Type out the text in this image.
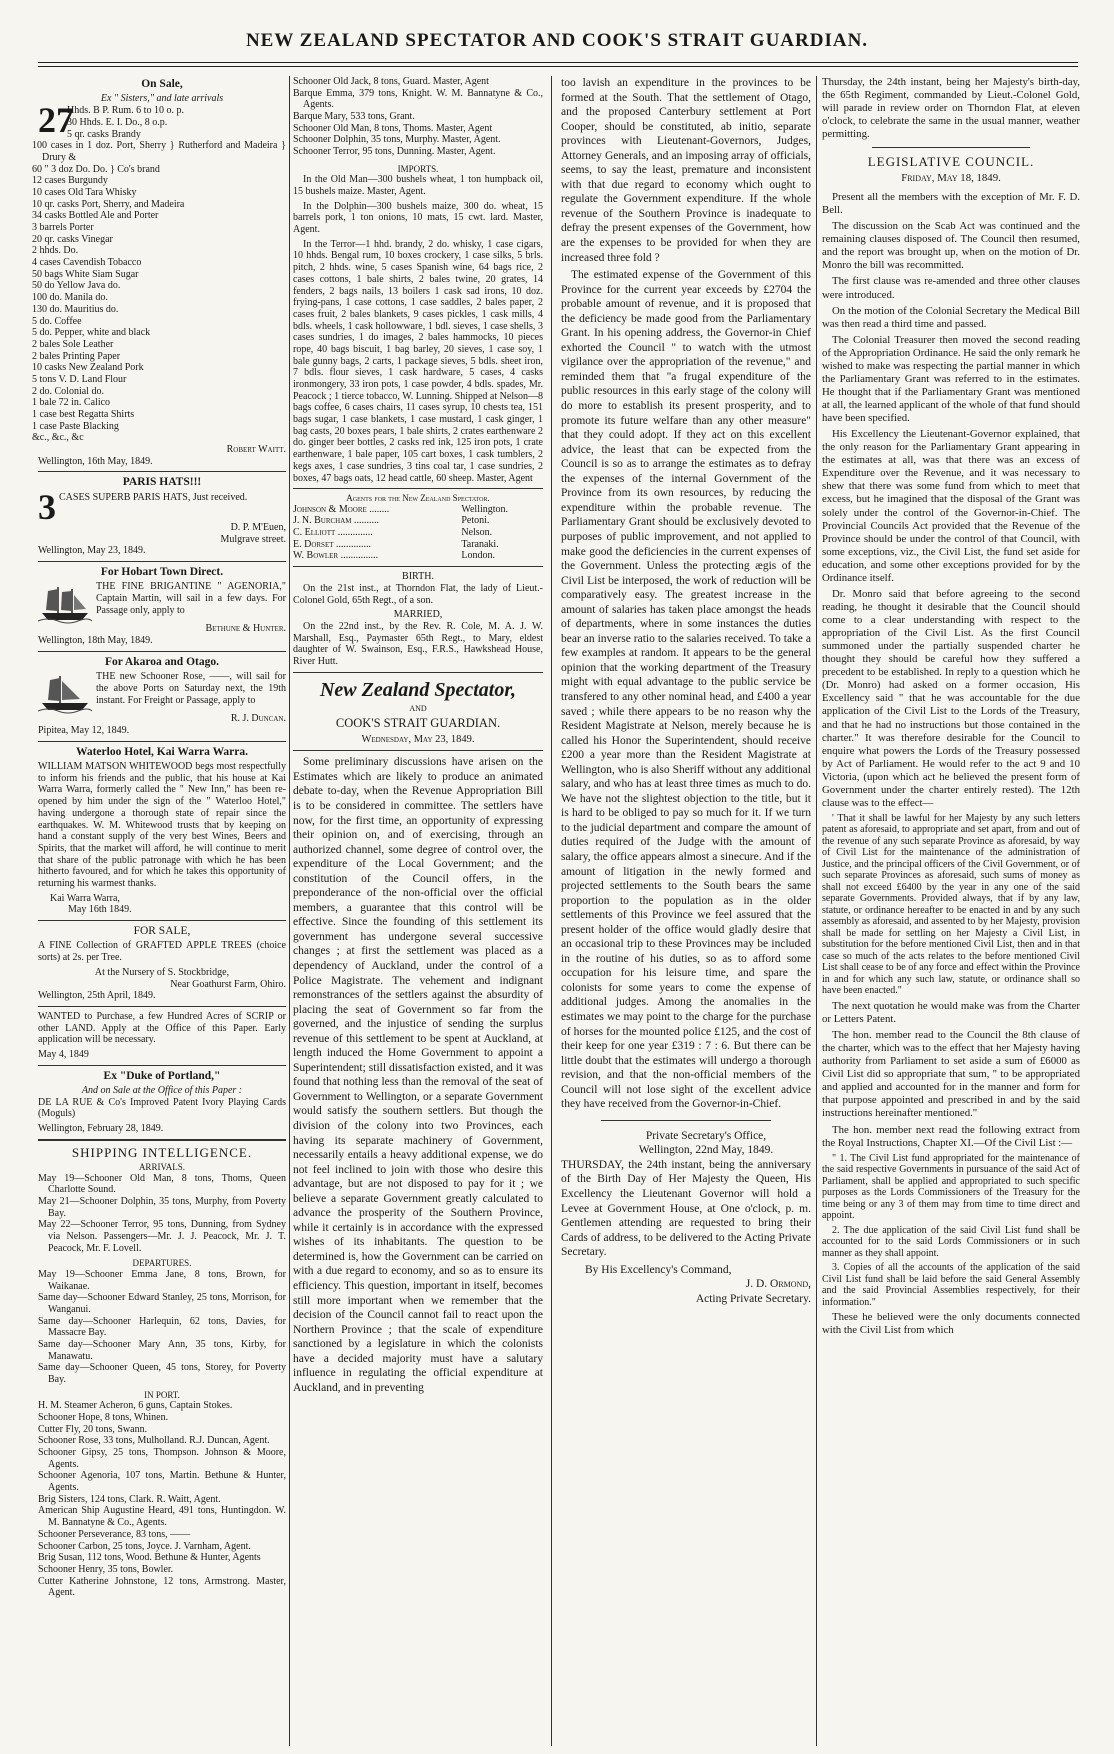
NEW ZEALAND SPECTATOR AND COOK'S STRAIT GUARDIAN.
On Sale,
Ex " Sisters," and late arrivals
27
Hhds. B P. Rum. 6 to 10 o. p.
30 Hhds. E. I. Do., 8 o.p.
5 qr. casks Brandy
100 cases in 1 doz. Port, Sherry } Rutherford and Madeira } Drury &
60 " 3 doz Do. Do. } Co's brand
12 cases Burgundy
10 cases Old Tara Whisky
10 qr. casks Port, Sherry, and Madeira
34 casks Bottled Ale and Porter
3 barrels Porter
20 qr. casks Vinegar
2 hhds. Do.
4 cases Cavendish Tobacco
50 bags White Siam Sugar
50 do Yellow Java do.
100 do. Manila do.
130 do. Mauritius do.
5 do. Coffee
5 do. Pepper, white and black
2 bales Sole Leather
2 bales Printing Paper
10 casks New Zealand Pork
5 tons V. D. Land Flour
2 do. Colonial do.
1 bale 72 in. Calico
1 case best Regatta Shirts
1 case Paste Blacking
&c., &c., &c
Robert Waitt.
Wellington, 16th May, 1849.
PARIS HATS!!!
3 CASES SUPERB PARIS HATS, Just received.
D. P. M'Euen,
Mulgrave street.
Wellington, May 23, 1849.
For Hobart Town Direct.
THE FINE BRIGANTINE " AGENORIA," Captain Martin, will sail in a few days. For Passage only, apply to
Bethune & Hunter.
Wellington, 18th May, 1849.
For Akaroa and Otago.
THE new Schooner Rose, ——, will sail for the above Ports on Saturday next, the 19th instant. For Freight or Passage, apply to
R. J. Duncan.
Pipitea, May 12, 1849.
Waterloo Hotel, Kai Warra Warra.

WILLIAM MATSON WHITEWOOD begs most respectfully to inform his friends and the public, that his house at Kai Warra Warra, formerly called the " New Inn," has been re-opened by him under the sign of the " Waterloo Hotel," having undergone a thorough state of repair since the earthquakes. W. M. Whitewood trusts that by keeping on hand a constant supply of the very best Wines, Beers and Spirits, that the market will afford, he will continue to merit that share of the public patronage with which he has been hitherto favoured, and for which he takes this opportunity of returning his warmest thanks.

Kai Warra Warra,
May 16th 1849.
FOR SALE,

A FINE Collection of GRAFTED APPLE TREES (choice sorts) at 2s. per Tree.

At the Nursery of S. Stockbridge,
Near Goathurst Farm, Ohiro.
Wellington, 25th April, 1849.

WANTED to Purchase, a few Hundred Acres of SCRIP or other LAND. Apply at the Office of this Paper. Early application will be necessary.

May 4, 1849
Ex "Duke of Portland,"
And on Sale at the Office of this Paper :

DE LA RUE & Co's Improved Patent Ivory Playing Cards (Moguls)

Wellington, February 28, 1849.
SHIPPING INTELLIGENCE.
ARRIVALS.
May 19—Schooner Old Man, 8 tons, Thoms, Queen Charlotte Sound.
May 21—Schooner Dolphin, 35 tons, Murphy, from Poverty Bay.
May 22—Schooner Terror, 95 tons, Dunning, from Sydney via Nelson. Passengers—Mr. J. J. Peacock, Mr. J. T. Peacock, Mr. F. Lovell.
DEPARTURES.
May 19—Schooner Emma Jane, 8 tons, Brown, for Waikanae.
Same day—Schooner Edward Stanley, 25 tons, Morrison, for Wanganui.
Same day—Schooner Harlequin, 62 tons, Davies, for Massacre Bay.
Same day—Schooner Mary Ann, 35 tons, Kirby, for Manawatu.
Same day—Schooner Queen, 45 tons, Storey, for Poverty Bay.
IN PORT.
H. M. Steamer Acheron, 6 guns, Captain Stokes.
Schooner Hope, 8 tons, Whinen.
Cutter Fly, 20 tons, Swann.
Schooner Rose, 33 tons, Mulholland. R.J. Duncan, Agent.
Schooner Gipsy, 25 tons, Thompson. Johnson & Moore, Agents.
Schooner Agenoria, 107 tons, Martin. Bethune & Hunter, Agents.
Brig Sisters, 124 tons, Clark. R. Waitt, Agent.
American Ship Augustine Heard, 491 tons, Huntingdon. W. M. Bannatyne & Co., Agents.
Schooner Perseverance, 83 tons, ——
Schooner Carbon, 25 tons, Joyce. J. Varnham, Agent.
Brig Susan, 112 tons, Wood. Bethune & Hunter, Agents
Schooner Henry, 35 tons, Bowler.
Cutter Katherine Johnstone, 12 tons, Armstrong. Master, Agent.
Schooner Old Jack, 8 tons, Guard. Master, Agent
Barque Emma, 379 tons, Knight. W. M. Bannatyne & Co., Agents.
Barque Mary, 533 tons, Grant.
Schooner Old Man, 8 tons, Thoms. Master, Agent
Schooner Dolphin, 35 tons, Murphy. Master, Agent.
Schooner Terror, 95 tons, Dunning. Master, Agent.
IMPORTS.

In the Old Man—300 bushels wheat, 1 ton humpback oil, 15 bushels maize. Master, Agent.

In the Dolphin—300 bushels maize, 300 do. wheat, 15 barrels pork, 1 ton onions, 10 mats, 15 cwt. lard. Master, Agent.

In the Terror—1 hhd. brandy, 2 do. whisky, 1 case cigars, 10 hhds. Bengal rum, 10 boxes crockery, 1 case silks, 5 brls. pitch, 2 hhds. wine, 5 cases Spanish wine, 64 bags rice, 2 cases cottons, 1 bale shirts, 2 bales twine, 20 grates, 14 fenders, 2 bags nails, 13 boilers 1 cask sad irons, 10 doz. frying-pans, 1 case cottons, 1 case saddles, 2 bales paper, 2 cases fruit, 2 bales blankets, 9 cases pickles, 1 cask mills, 4 bdls. wheels, 1 cask hollowware, 1 bdl. sieves, 1 case shells, 3 cases sundries, 1 do images, 2 bales hammocks, 10 pieces rope, 40 bags biscuit, 1 bag barley, 20 sieves, 1 case soy, 1 bale gunny bags, 2 carts, 1 package sieves, 5 bdls. sheet iron, 7 bdls. flour sieves, 1 cask hardware, 5 cases, 4 casks ironmongery, 33 iron pots, 1 case powder, 4 bdls. spades, Mr. Peacock ; 1 tierce tobacco, W. Lunning. Shipped at Nelson—8 bags coffee, 6 cases chairs, 11 cases syrup, 10 chests tea, 151 bags sugar, 1 case blankets, 1 case mustard, 1 cask ginger, 1 bag casts, 20 boxes pears, 1 bale shirts, 2 crates earthenware 2 do. ginger beer bottles, 2 casks red ink, 125 iron pots, 1 crate earthenware, 1 bale paper, 105 cart boxes, 1 cask tumblers, 2 kegs axes, 1 case sundries, 3 tins coal tar, 1 case sundries, 2 boxes, 47 bags oats, 12 head cattle, 60 sheep. Master, Agent

Agents for the New Zealand Spectator.
Johnson & Moore ........	Wellington.
J. N. Burcham ..........	Petoni.
C. Elliott ..............	Nelson.
E. Dorset ..............	Taranaki.
W. Bowler ...............	London.
BIRTH.

On the 21st inst., at Thorndon Flat, the lady of Lieut.-Colonel Gold, 65th Regt., of a son.

MARRIED,

On the 22nd inst., by the Rev. R. Cole, M. A. J. W. Marshall, Esq., Paymaster 65th Regt., to Mary, eldest daughter of W. Swainson, Esq., F.R.S., Hawkshead House, River Hutt.

New Zealand Spectator,
AND
COOK'S STRAIT GUARDIAN.
Wednesday, May 23, 1849.

Some preliminary discussions have arisen on the Estimates which are likely to produce an animated debate to-day, when the Revenue Appropriation Bill is to be considered in committee. The settlers have now, for the first time, an opportunity of expressing their opinion on, and of exercising, through an authorized channel, some degree of control over, the expenditure of the Local Government; and the constitution of the Council offers, in the preponderance of the non-official over the official members, a guarantee that this control will be effective. Since the founding of this settlement its government has undergone several successive changes ; at first the settlement was placed as a dependency of Auckland, under the control of a Police Magistrate. The vehement and indignant remonstrances of the settlers against the absurdity of placing the seat of Government so far from the governed, and the injustice of sending the surplus revenue of this settlement to be spent at Auckland, at length induced the Home Government to appoint a Superintendent; still dissatisfaction existed, and it was found that nothing less than the removal of the seat of Government to Wellington, or a separate Government would satisfy the southern settlers. But though the division of the colony into two Provinces, each having its separate machinery of Government, necessarily entails a heavy additional expense, we do not feel inclined to join with those who desire this advantage, but are not disposed to pay for it ; we believe a separate Government greatly calculated to advance the prosperity of the Southern Province, while it certainly is in accordance with the expressed wishes of its inhabitants. The question to be determined is, how the Government can be carried on with a due regard to economy, and so as to ensure its efficiency. This question, important in itself, becomes still more important when we remember that the decision of the Council cannot fail to react upon the Northern Province ; that the scale of expenditure sanctioned by a legislature in which the colonists have a decided majority must have a salutary influence in regulating the official expenditure at Auckland, and in preventing

too lavish an expenditure in the provinces to be formed at the South. That the settlement of Otago, and the proposed Canterbury settlement at Port Cooper, should be constituted, ab initio, separate provinces with Lieutenant-Governors, Judges, Attorney Generals, and an imposing array of officials, seems, to say the least, premature and inconsistent with that due regard to economy which ought to regulate the Government expenditure. If the whole revenue of the Southern Province is inadequate to defray the present expenses of the Government, how are the expenses to be provided for when they are increased three fold ?

The estimated expense of the Government of this Province for the current year exceeds by £2704 the probable amount of revenue, and it is proposed that the deficiency be made good from the Parliamentary Grant. In his opening address, the Governor-in Chief exhorted the Council " to watch with the utmost vigilance over the appropriation of the revenue," and reminded them that "a frugal expenditure of the public resources in this early stage of the colony will do more to establish its present prosperity, and to promote its future welfare than any other measure" that they could adopt. If they act on this excellent advice, the least that can be expected from the Council is so as to arrange the estimates as to defray the expenses of the internal Government of the Province from its own resources, by reducing the expenditure within the probable revenue. The Parliamentary Grant should be exclusively devoted to purposes of public improvement, and not applied to make good the deficiencies in the current expenses of the Government. Unless the protecting ægis of the Civil List be interposed, the work of reduction will be comparatively easy. The greatest increase in the amount of salaries has taken place amongst the heads of departments, where in some instances the duties bear an inverse ratio to the salaries received. To take a few examples at random. It appears to be the general opinion that the working department of the Treasury might with equal advantage to the public service be transfered to any other nominal head, and £400 a year saved ; while there appears to be no reason why the Resident Magistrate at Nelson, merely because he is called his Honor the Superintendent, should receive £200 a year more than the Resident Magistrate at Wellington, who is also Sheriff without any additional salary, and who has at least three times as much to do. We have not the slightest objection to the title, but it is hard to be obliged to pay so much for it. If we turn to the judicial department and compare the amount of duties required of the Judge with the amount of salary, the office appears almost a sinecure. And if the amount of litigation in the newly formed and projected settlements to the South bears the same proportion to the population as in the older settlements of this Province we feel assured that the present holder of the office would gladly desire that an occasional trip to these Provinces may be included in the routine of his duties, so as to afford some occupation for his leisure time, and spare the colonists for some years to come the expense of additional judges. Among the anomalies in the estimates we may point to the charge for the purchase of horses for the mounted police £125, and the cost of their keep for one year £319 : 7 : 6. But there can be little doubt that the estimates will undergo a thorough revision, and that the non-official members of the Council will not lose sight of the excellent advice they have received from the Governor-in-Chief.

Private Secretary's Office,
Wellington, 22nd May, 1849.

THURSDAY, the 24th instant, being the anniversary of the Birth Day of Her Majesty the Queen, His Excellency the Lieutenant Governor will hold a Levee at Government House, at One o'clock, p. m. Gentlemen attending are requested to bring their Cards of address, to be delivered to the Acting Private Secretary.

By His Excellency's Command,
J. D. Ormond,
Acting Private Secretary.

Thursday, the 24th instant, being her Majesty's birth-day, the 65th Regiment, commanded by Lieut.-Colonel Gold, will parade in review order on Thorndon Flat, at eleven o'clock, to celebrate the same in the usual manner, weather permitting.

LEGISLATIVE COUNCIL.
Friday, May 18, 1849.

Present all the members with the exception of Mr. F. D. Bell.

The discussion on the Scab Act was continued and the remaining clauses disposed of. The Council then resumed, and the report was brought up, when on the motion of Dr. Monro the bill was recommitted.

The first clause was re-amended and three other clauses were introduced.

On the motion of the Colonial Secretary the Medical Bill was then read a third time and passed.

The Colonial Treasurer then moved the second reading of the Appropriation Ordinance. He said the only remark he wished to make was respecting the partial manner in which the Parliamentary Grant was referred to in the estimates. He thought that if the Parliamentary Grant was mentioned at all, the learned applicant of the whole of that fund should have been specified.

His Excellency the Lieutenant-Governor explained, that the only reason for the Parliamentary Grant appearing in the estimates at all, was that there was an excess of Expenditure over the Revenue, and it was necessary to shew that there was some fund from which to meet that excess, but he imagined that the disposal of the Grant was solely under the control of the Governor-in-Chief. The Provincial Councils Act provided that the Revenue of the Province should be under the control of that Council, with some exceptions, viz., the Civil List, the fund set aside for education, and some other exceptions provided for by the Ordinance itself.

Dr. Monro said that before agreeing to the second reading, he thought it desirable that the Council should come to a clear understanding with respect to the appropriation of the Civil List. As the first Council summoned under the partially suspended charter he thought they should be careful how they suffered a precedent to be established. In reply to a question which he (Dr. Monro) had asked on a former occasion, His Excellency said " that he was accountable for the due application of the Civil List to the Lords of the Treasury, and that he had no instructions but those contained in the charter." It was therefore desirable for the Council to enquire what powers the Lords of the Treasury possessed by Act of Parliament. He would refer to the act 9 and 10 Victoria, (upon which act he believed the present form of Government under the charter entirely rested). The 12th clause was to the effect—

' That it shall be lawful for her Majesty by any such letters patent as aforesaid, to appropriate and set apart, from and out of the revenue of any such separate Province as aforesaid, by way of Civil List for the maintenance of the administration of Justice, and the principal officers of the Civil Government, or of such separate Provinces as aforesaid, such sums of money as shall not exceed £6400 by the year in any one of the said separate Governments. Provided always, that if by any law, statute, or ordinance hereafter to be enacted in and by any such assembly as aforesaid, and assented to by her Majesty, provision shall be made for settling on her Majesty a Civil List, in substitution for the before mentioned Civil List, then and in that case so much of the acts relates to the before mentioned Civil List shall cease to be of any force and effect within the Province in and for which any such law, statute, or ordinance shall so have been enacted."

The next quotation he would make was from the Charter or Letters Patent.

The hon. member read to the Council the 8th clause of the charter, which was to the effect that her Majesty having authority from Parliament to set aside a sum of £6000 as Civil List did so appropriate that sum, " to be appropriated and applied and accounted for in the manner and form for that purpose appointed and prescribed in and by the said instructions hereinafter mentioned."

The hon. member next read the following extract from the Royal Instructions, Chapter XI.—Of the Civil List :—

" 1. The Civil List fund appropriated for the maintenance of the said respective Governments in pursuance of the said Act of Parliament, shall be applied and appropriated to such specific purposes as the Lords Commissioners of the Treasury for the time being or any 3 of them may from time to time direct and appoint.

2. The due application of the said Civil List fund shall be accounted for to the said Lords Commissioners or in such manner as they shall appoint.

3. Copies of all the accounts of the application of the said Civil List fund shall be laid before the said General Assembly and the said Provincial Assemblies respectively, for their information."

These he believed were the only documents connected with the Civil List from which
